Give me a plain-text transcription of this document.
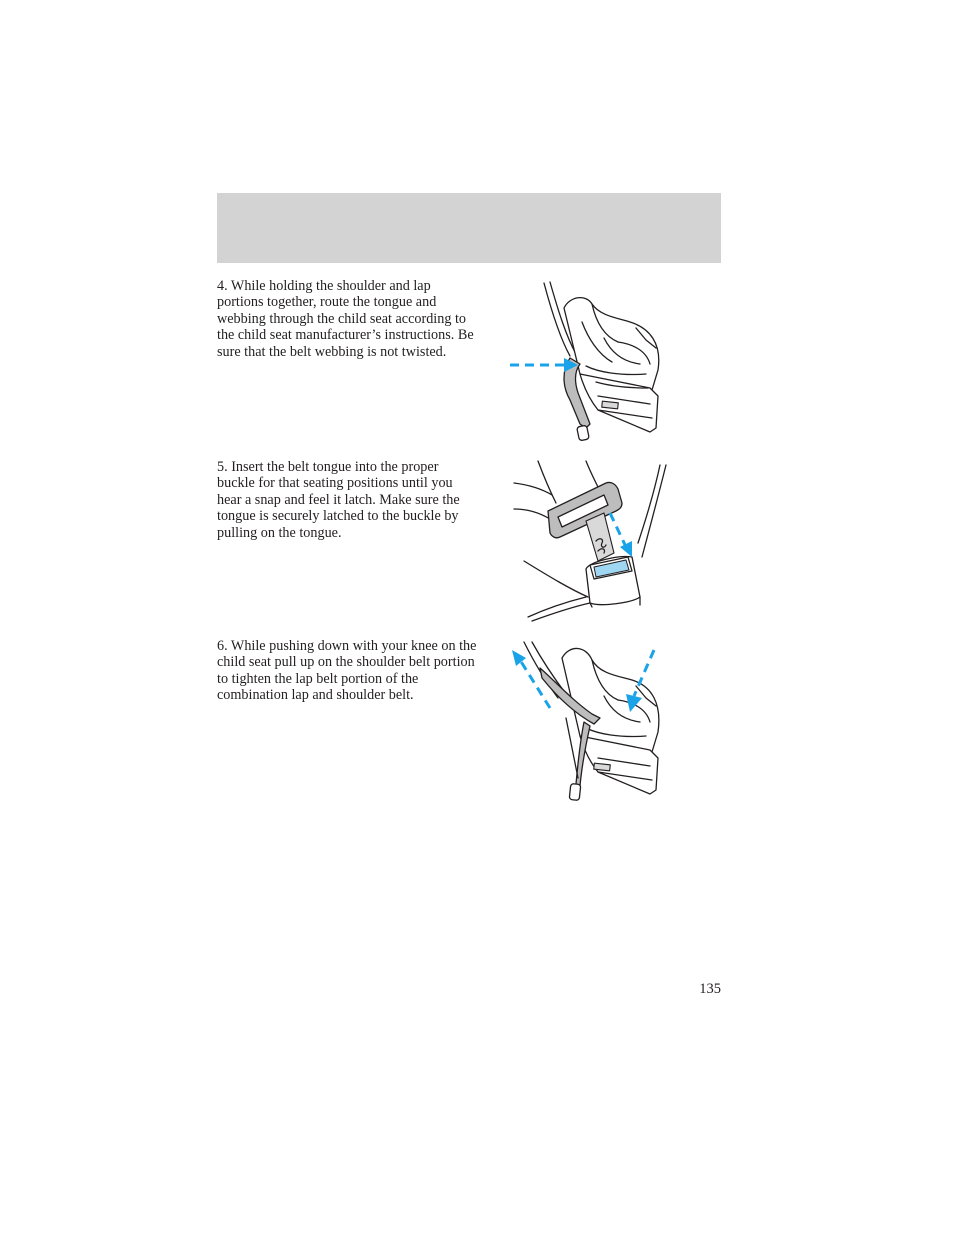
4. While holding the shoulder and lap portions together, route the tongue and webbing through the child seat according to the child seat manufacturer’s instructions. Be sure that the belt webbing is not twisted.

5. Insert the belt tongue into the proper buckle for that seating positions until you hear a snap and feel it latch. Make sure the tongue is securely latched to the buckle by pulling on the tongue.

6. While pushing down with your knee on the child seat pull up on the shoulder belt portion to tighten the lap belt portion of the combination lap and shoulder belt.

135
